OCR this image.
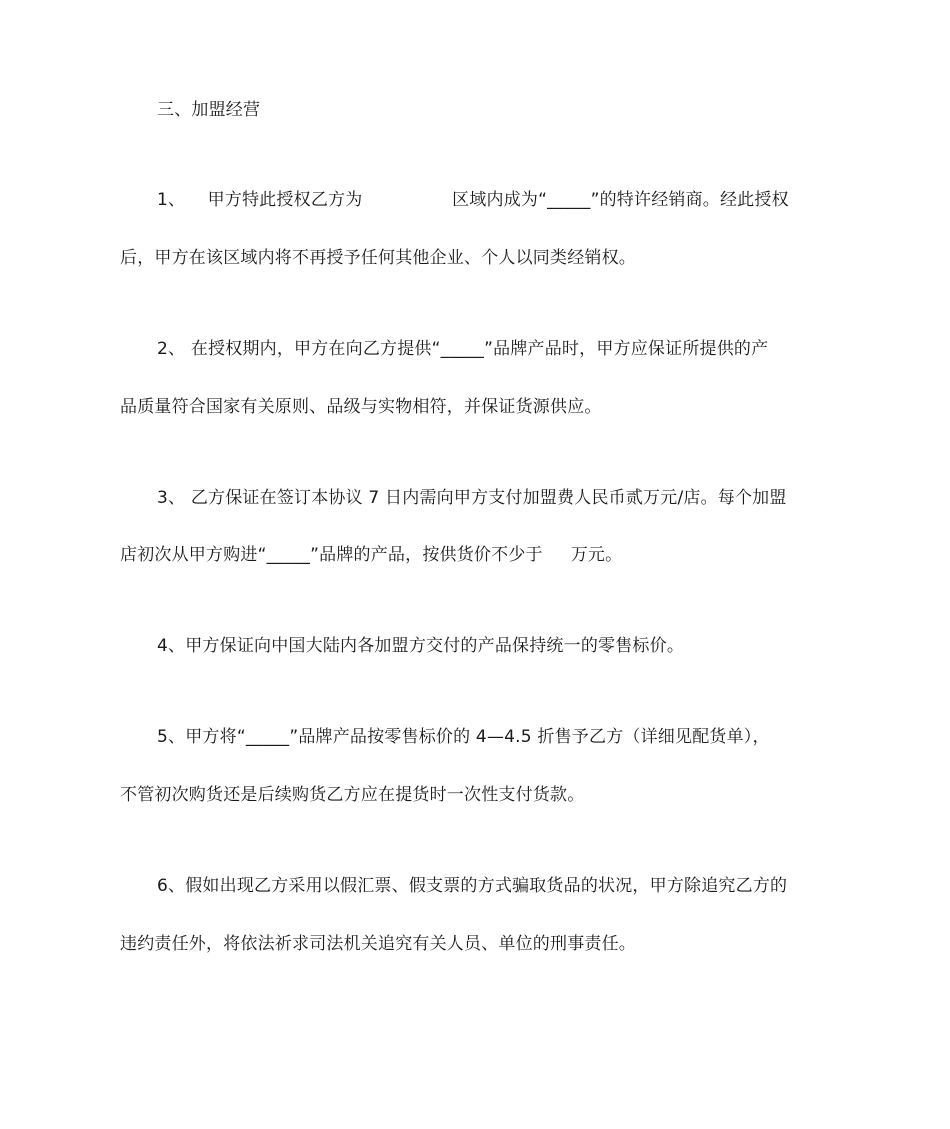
三、加盟经营
1、    甲方特此授权乙方为                区域内成为“_____”的特许经销商。经此授权
后，甲方在该区域内将不再授予任何其他企业、个人以同类经销权。
2、 在授权期内，甲方在向乙方提供“_____”品牌产品时，甲方应保证所提供的产
品质量符合国家有关原则、品级与实物相符，并保证货源供应。
3、 乙方保证在签订本协议 7 日内需向甲方支付加盟费人民币贰万元/店。每个加盟
店初次从甲方购进“_____”品牌的产品，按供货价不少于     万元。
4、甲方保证向中国大陆内各加盟方交付的产品保持统一的零售标价。
5、甲方将“_____”品牌产品按零售标价的 4—4.5 折售予乙方（详细见配货单），
不管初次购货还是后续购货乙方应在提货时一次性支付货款。
6、假如出现乙方采用以假汇票、假支票的方式骗取货品的状况，甲方除追究乙方的
违约责任外，将依法祈求司法机关追究有关人员、单位的刑事责任。
